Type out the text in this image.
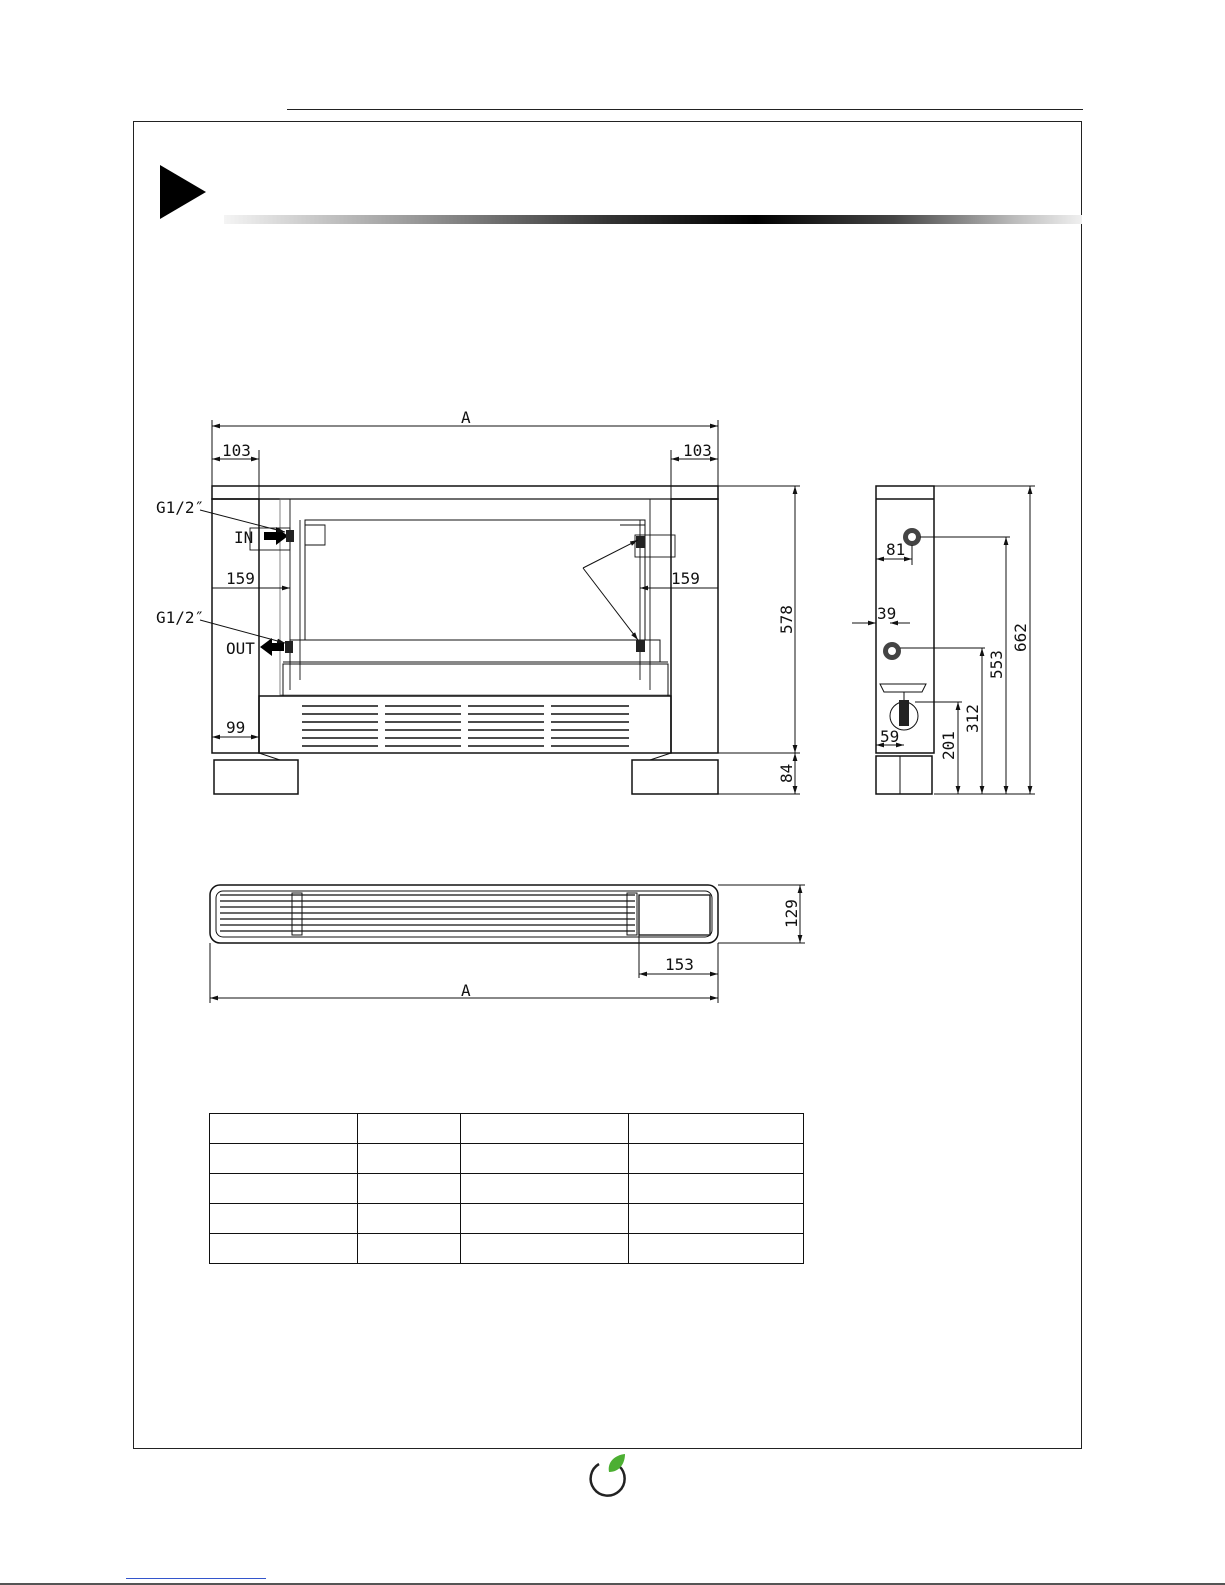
A
103	103
G1/2″
IN
159	159
G1/2″
OUT
99
578
84
81
39
59
662
553
312
201
129
153
A
